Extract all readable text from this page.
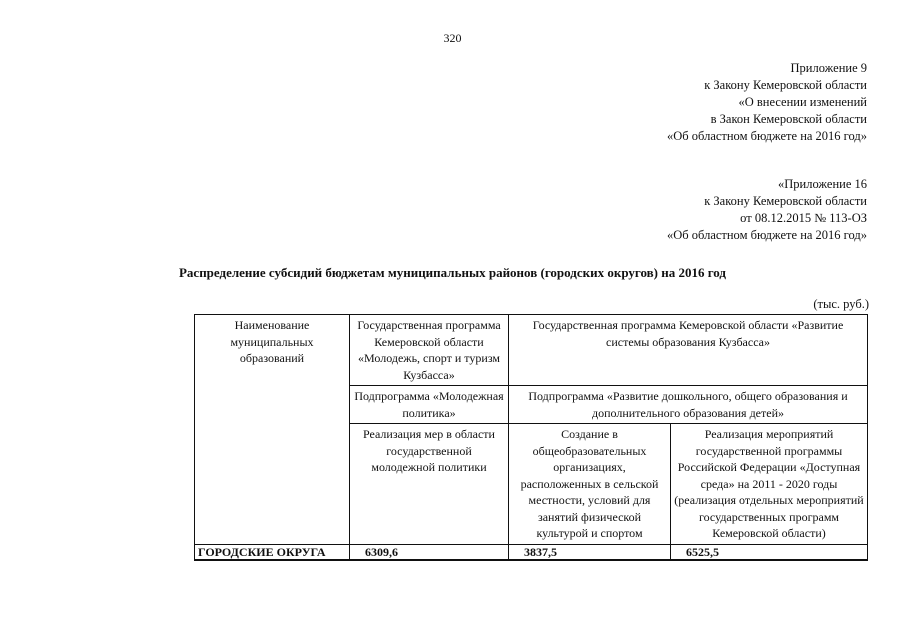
320
Приложение 9
к Закону Кемеровской области
«О внесении изменений
в Закон Кемеровской области
«Об областном бюджете на 2016 год»
«Приложение 16
к Закону Кемеровской области
от 08.12.2015 № 113-ОЗ
«Об областном бюджете на 2016 год»
Распределение субсидий бюджетам муниципальных районов (городских округов) на 2016 год
(тыс. руб.)
Наименование муниципальных образований	Государственная программа Кемеровской области «Молодежь, спорт и туризм Кузбасса»	Государственная программа Кемеровской области «Развитие системы образования Кузбасса»	
	Подпрограмма «Молодежная политика»	Подпрограмма «Развитие дошкольного, общего образования и дополнительного образования детей»	
	Реализация мер в области государственной молодежной политики	Создание в общеобразовательных организациях, расположенных в сельской местности, условий для занятий физической культурой и спортом	Реализация мероприятий государственной программы Российской Федерации «Доступная среда» на 2011 - 2020 годы (реализация отдельных мероприятий государственных программ Кемеровской области)
ГОРОДСКИЕ ОКРУГА	6309,6	3837,5	6525,5
